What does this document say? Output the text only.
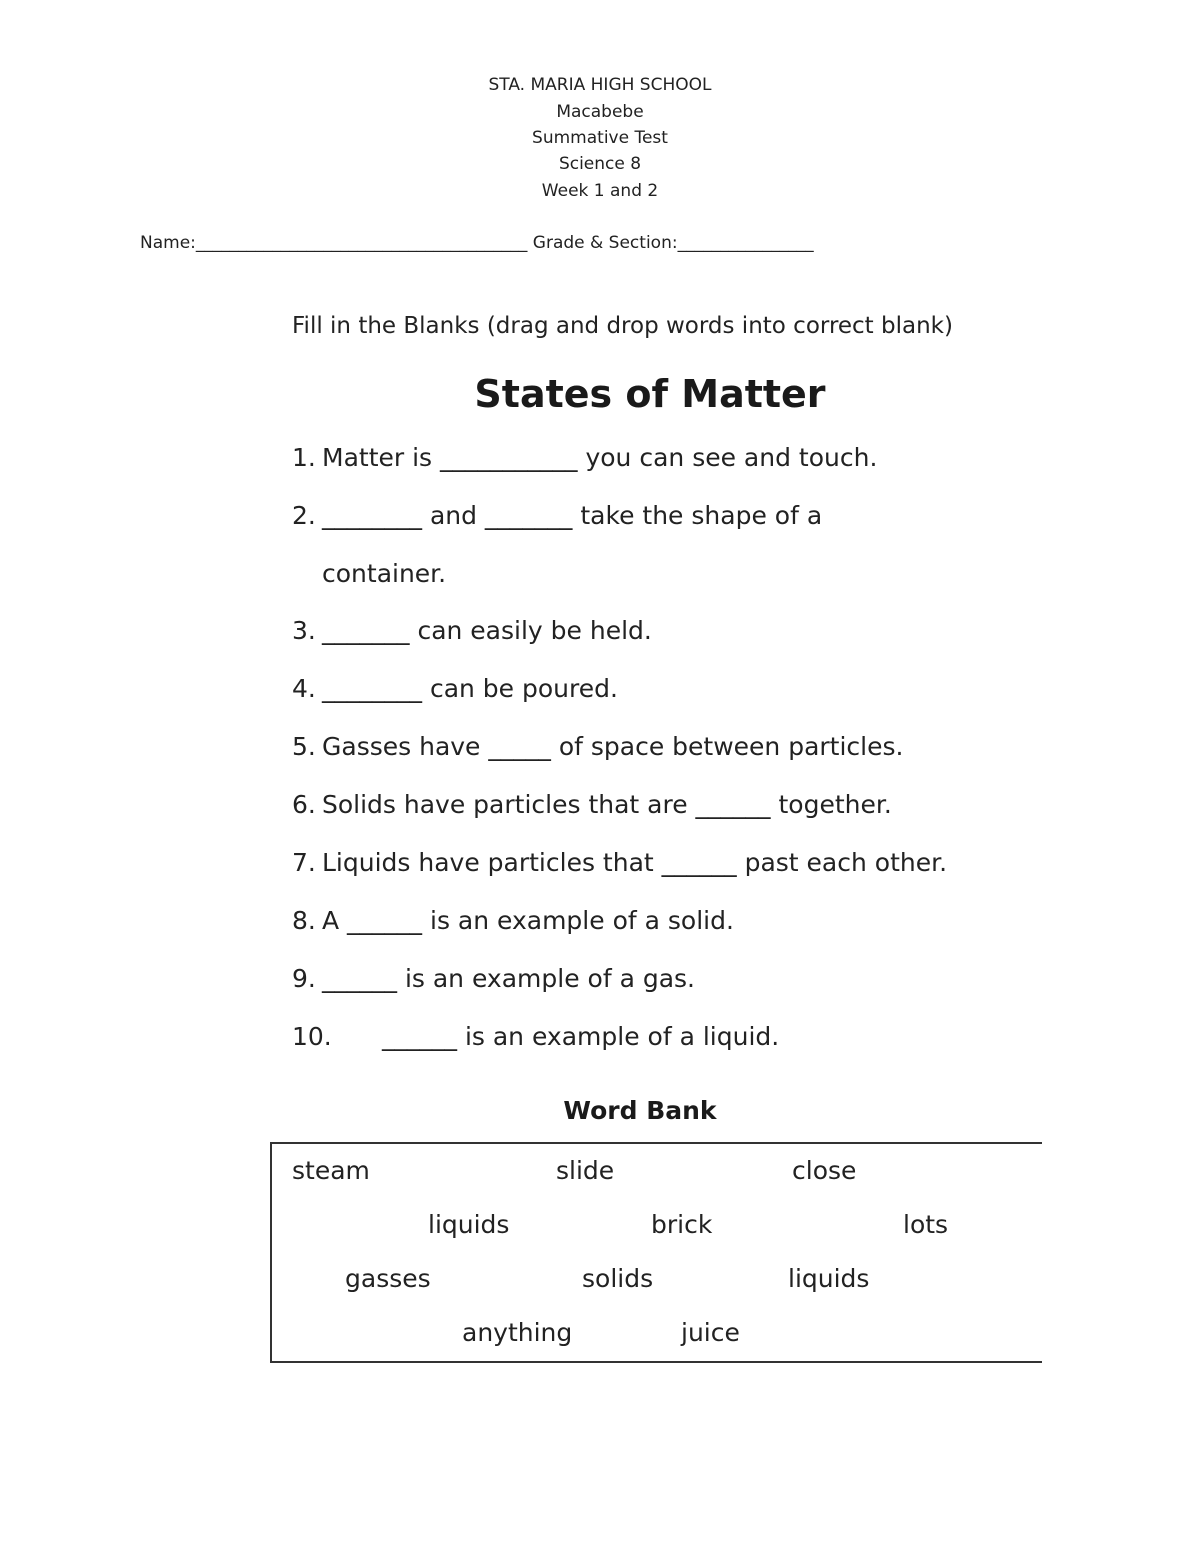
STA. MARIA HIGH SCHOOL
Macabebe
Summative Test
Science 8
Week 1 and 2
Name:_______________________________________ Grade & Section:________________
Fill in the Blanks (drag and drop words into correct blank)
States of Matter
1. Matter is ___________ you can see and touch.
2. ________ and _______ take the shape of a
container.
3. _______ can easily be held.
4. ________ can be poured.
5. Gasses have _____ of space between particles.
6. Solids have particles that are ______ together.
7. Liquids have particles that ______ past each other.
8. A ______ is an example of a solid.
9. ______ is an example of a gas.
10. ______ is an example of a liquid.
Word Bank
steam	slide	close
liquids	brick	lots
gasses	solids	liquids
anything	juice
